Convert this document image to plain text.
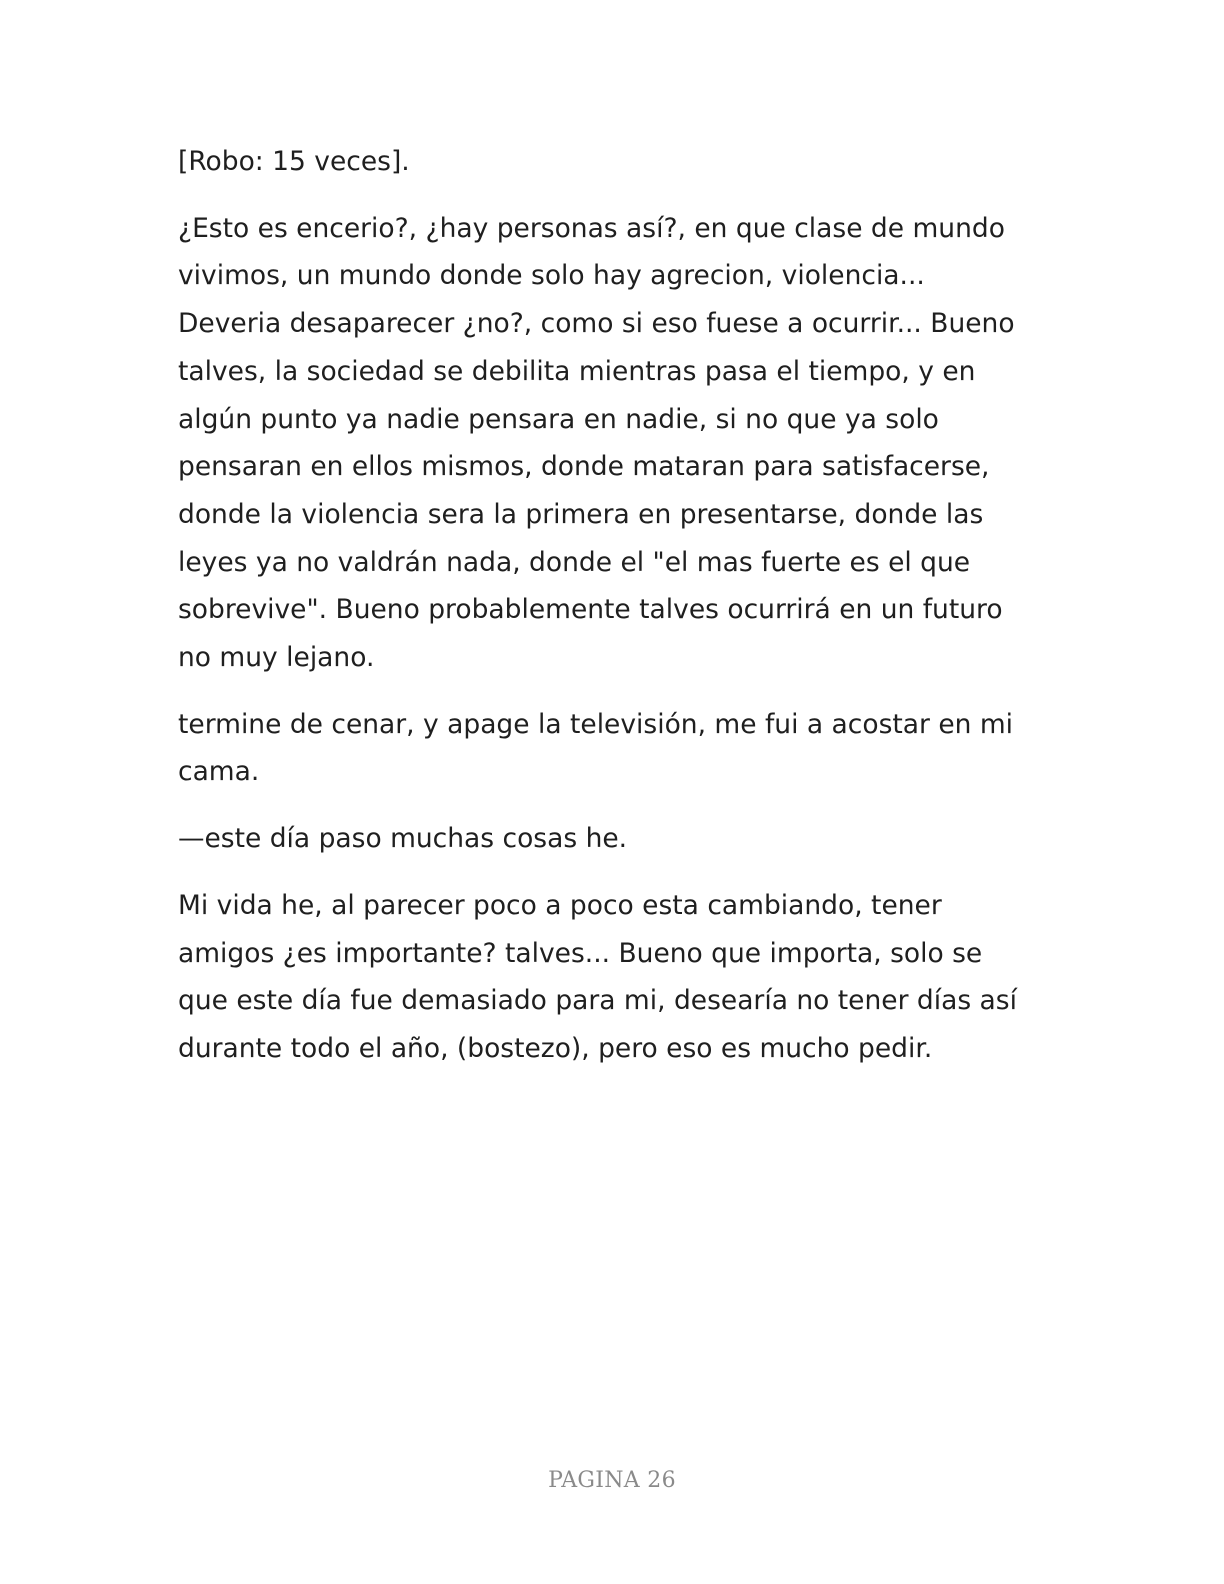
[Robo: 15 veces].

¿Esto es encerio?, ¿hay personas así?, en que clase de mundo vivimos, un mundo donde solo hay agrecion, violencia... Deveria desaparecer ¿no?, como si eso fuese a ocurrir... Bueno talves, la sociedad se debilita mientras pasa el tiempo, y en algún punto ya nadie pensara en nadie, si no que ya solo pensaran en ellos mismos, donde mataran para satisfacerse, donde la violencia sera la primera en presentarse, donde las leyes ya no valdrán nada, donde el "el mas fuerte es el que sobrevive". Bueno probablemente talves ocurrirá en un futuro no muy lejano.

termine de cenar, y apage la televisión, me fui a acostar en mi cama.

—este día paso muchas cosas he.

Mi vida he, al parecer poco a poco esta cambiando, tener amigos ¿es importante? talves... Bueno que importa, solo se que este día fue demasiado para mi, desearía no tener días así durante todo el año, (bostezo), pero eso es mucho pedir.

PAGINA 26
